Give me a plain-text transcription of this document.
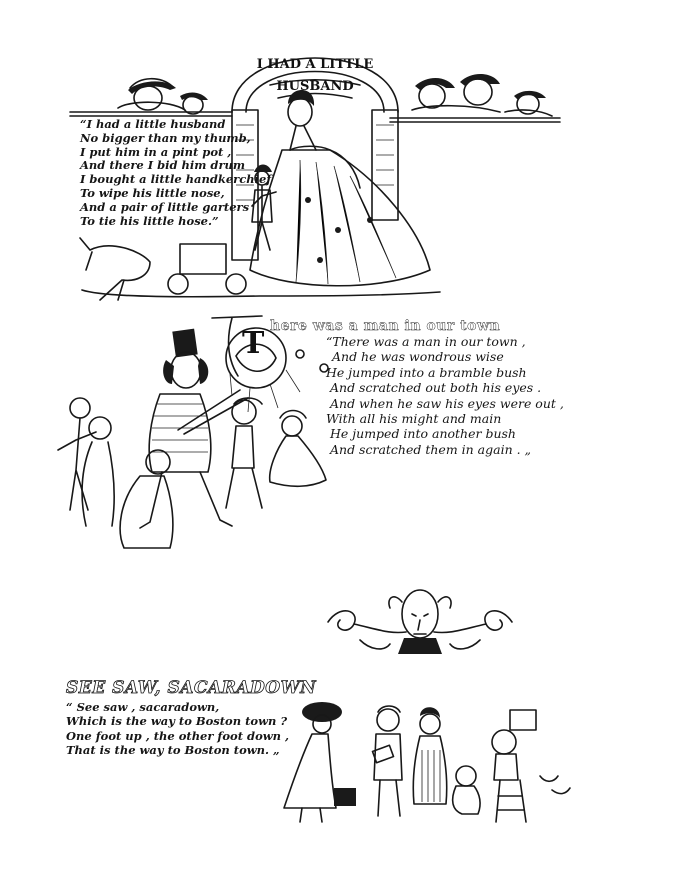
I HAD A LITTLE
HUSBAND
“I had a little husband
No bigger than my thumb,
I put him in a pint pot ,
And there I bid him drum
I bought a little handkerchief
To wipe his little nose,
And a pair of little garters
To tie his little hose.”
here was a man in our town
T	“There was a man in our town ,
And he was wondrous wise
He jumped into a bramble bush
And scratched out both his eyes .
And when he saw his eyes were out ,
With all his might and main
He jumped into another bush
And scratched them in again . „
SEE SAW, SACARADOWN
“ See saw , sacaradown,
Which is the way to Boston town ?
One foot up , the other foot down ,
That is the way to Boston town. „
